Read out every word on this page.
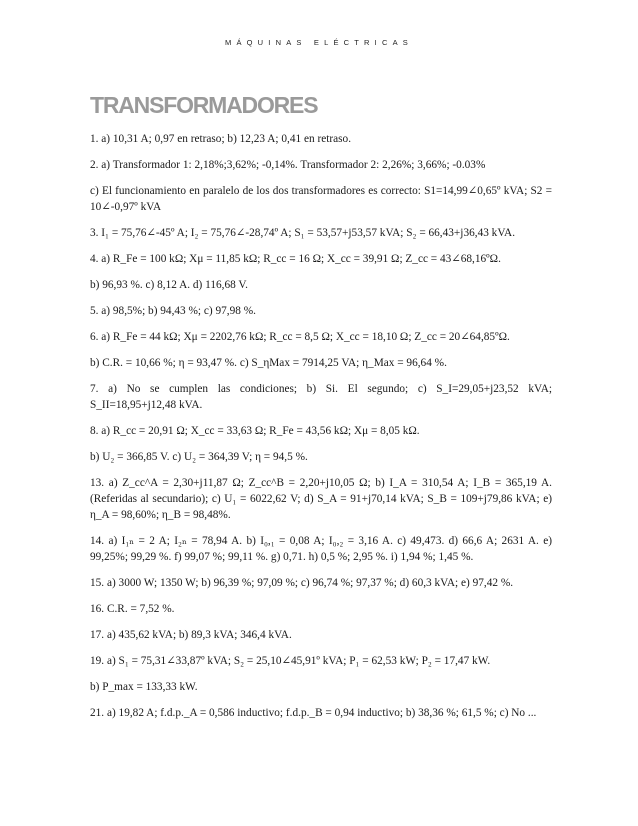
MÁQUINAS ELÉCTRICAS
TRANSFORMADORES

1. a) 10,31 A; 0,97 en retraso; b) 12,23 A; 0,41 en retraso.

2. a) Transformador 1: 2,18%;3,62%; -0,14%. Transformador 2: 2,26%; 3,66%; -0.03%

c) El funcionamiento en paralelo de los dos transformadores es correcto: S1=14,99∠0,65º kVA; S2 = 10∠-0,97º kVA

3. I₁ = 75,76∠-45º A; I₂ = 75,76∠-28,74º A; S₁ = 53,57+j53,57 kVA; S₂ = 66,43+j36,43 kVA.

4. a) R_Fe = 100 kΩ; Xμ = 11,85 kΩ; R_cc = 16 Ω; X_cc = 39,91 Ω; Z_cc = 43∠68,16ºΩ.

b) 96,93 %. c) 8,12 A. d) 116,68 V.

5. a) 98,5%; b) 94,43 %; c) 97,98 %.

6. a) R_Fe = 44 kΩ; Xμ = 2202,76 kΩ; R_cc = 8,5 Ω; X_cc = 18,10 Ω; Z_cc = 20∠64,85ºΩ.

b) C.R. = 10,66 %; η = 93,47 %. c) S_ηMax = 7914,25 VA; η_Max = 96,64 %.

7. a) No se cumplen las condiciones; b) Si. El segundo; c) S_I=29,05+j23,52 kVA; S_II=18,95+j12,48 kVA.

8. a) R_cc = 20,91 Ω; X_cc = 33,63 Ω; R_Fe = 43,56 kΩ; Xμ = 8,05 kΩ.

b) U₂ = 366,85 V. c) U₂ = 364,39 V; η = 94,5 %.

13. a) Z_cc^A = 2,30+j11,87 Ω; Z_cc^B = 2,20+j10,05 Ω; b) I_A = 310,54 A; I_B = 365,19 A. (Referidas al secundario); c) U₁ = 6022,62 V; d) S_A = 91+j70,14 kVA; S_B = 109+j79,86 kVA; e) η_A = 98,60%; η_B = 98,48%.

14. a) I₁ₙ = 2 A; I₂ₙ = 78,94 A. b) I₀,₁ = 0,08 A; I₀,₂ = 3,16 A. c) 49,473. d) 66,6 A; 2631 A. e) 99,25%; 99,29 %. f) 99,07 %; 99,11 %. g) 0,71. h) 0,5 %; 2,95 %. i) 1,94 %; 1,45 %.

15. a) 3000 W; 1350 W; b) 96,39 %; 97,09 %; c) 96,74 %; 97,37 %; d) 60,3 kVA; e) 97,42 %.

16. C.R. = 7,52 %.

17. a) 435,62 kVA; b) 89,3 kVA; 346,4 kVA.

19. a) S₁ = 75,31∠33,87º kVA; S₂ = 25,10∠45,91º kVA; P₁ = 62,53 kW; P₂ = 17,47 kW.

b) P_max = 133,33 kW.

21. a) 19,82 A; f.d.p._A = 0,586 inductivo; f.d.p._B = 0,94 inductivo; b) 38,36 %; 61,5 %; c) No ...
